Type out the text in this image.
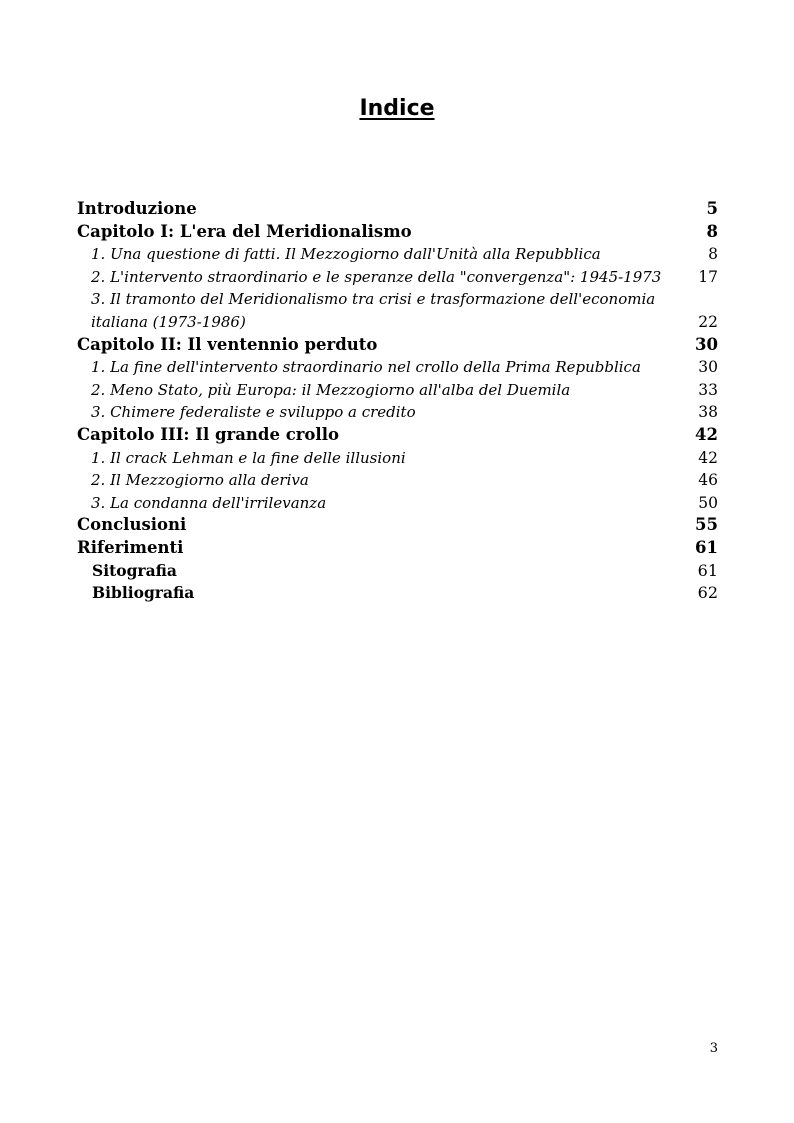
Indice
Introduzione	5
Capitolo I: L'era del Meridionalismo	8
1. Una questione di fatti. Il Mezzogiorno dall'Unità alla Repubblica	8
2. L'intervento straordinario e le speranze della "convergenza": 1945-1973	17
3. Il tramonto del Meridionalismo tra crisi e trasformazione dell'economia italiana (1973-1986)	22
Capitolo II: Il ventennio perduto	30
1. La fine dell'intervento straordinario nel crollo della Prima Repubblica	30
2. Meno Stato, più Europa: il Mezzogiorno all'alba del Duemila	33
3. Chimere federaliste e sviluppo a credito	38
Capitolo III: Il grande crollo	42
1. Il crack Lehman e la fine delle illusioni	42
2. Il Mezzogiorno alla deriva	46
3. La condanna dell'irrilevanza	50
Conclusioni	55
Riferimenti	61
Sitografia	61
Bibliografia	62
3
